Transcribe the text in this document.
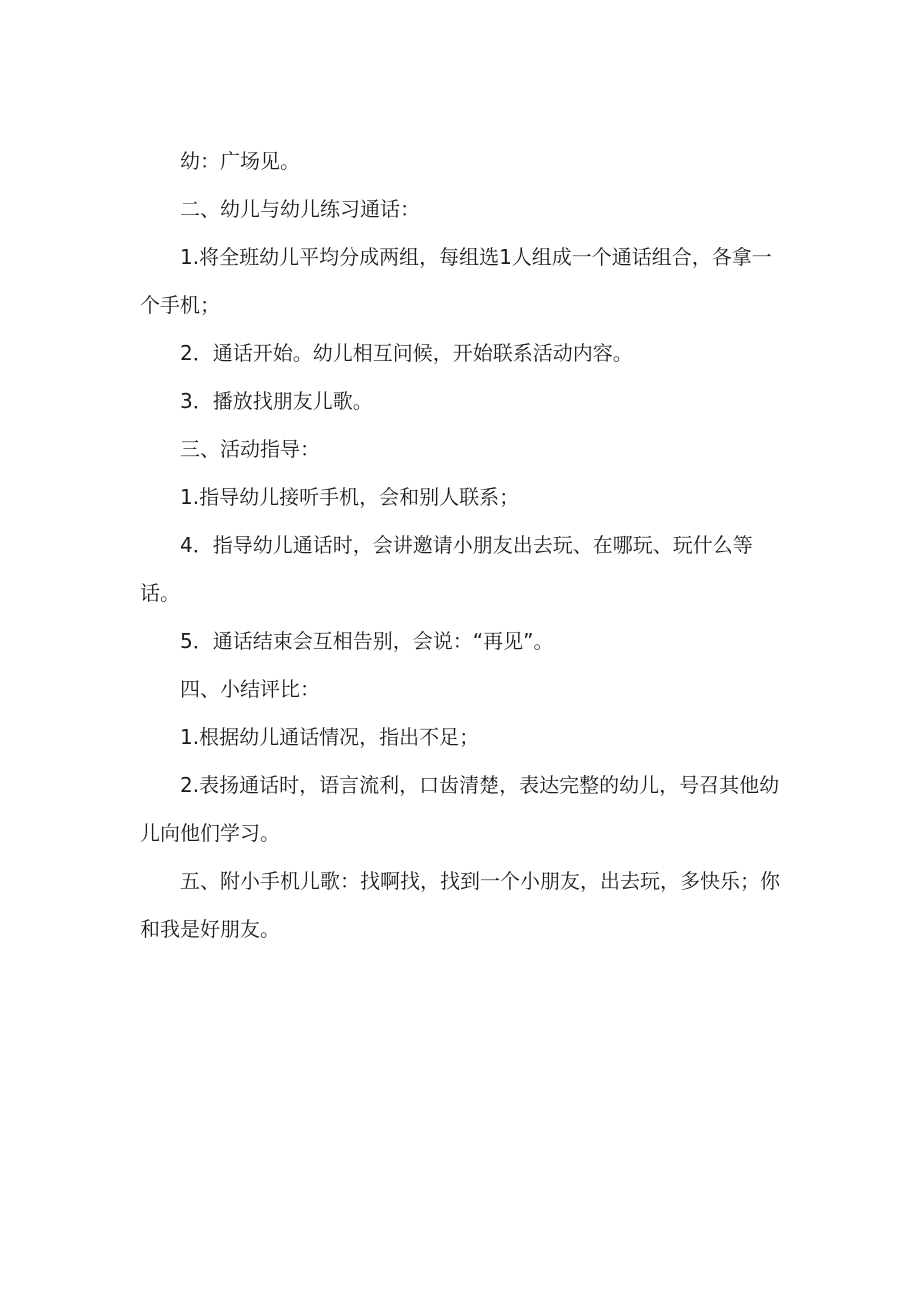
幼：广场见。

二、幼儿与幼儿练习通话：

1.将全班幼儿平均分成两组，每组选1人组成一个通话组合，各拿一个手机；

2．通话开始。幼儿相互问候，开始联系活动内容。

3．播放找朋友儿歌。

三、活动指导：

1.指导幼儿接听手机，会和别人联系；

4．指导幼儿通话时，会讲邀请小朋友出去玩、在哪玩、玩什么等话。

5．通话结束会互相告别，会说：“再见”。

四、小结评比：

1.根据幼儿通话情况，指出不足；

2.表扬通话时，语言流利，口齿清楚，表达完整的幼儿，号召其他幼儿向他们学习。

五、附小手机儿歌：找啊找，找到一个小朋友，出去玩，多快乐；你和我是好朋友。
